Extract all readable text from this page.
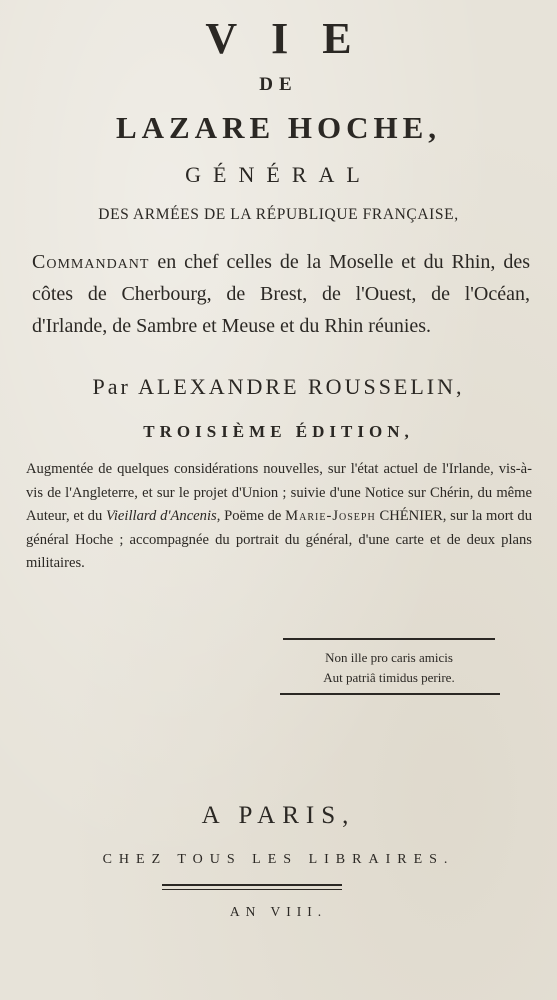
VIE
DE
LAZARE HOCHE,
GÉNÉRAL
DES ARMÉES DE LA RÉPUBLIQUE FRANÇAISE,
Commandant en chef celles de la Moselle et du Rhin, des côtes de Cherbourg, de Brest, de l'Ouest, de l'Océan, d'Irlande, de Sambre et Meuse et du Rhin réunies.
Par ALEXANDRE ROUSSELIN,
TROISIÈME ÉDITION,
Augmentée de quelques considérations nouvelles, sur l'état actuel de l'Irlande, vis-à-vis de l'Angleterre, et sur le projet d'Union ; suivie d'une Notice sur Chérin, du même Auteur, et du Vieillard d'Ancenis, Poëme de Marie-Joseph CHÉNIER, sur la mort du général Hoche ; accompagnée du portrait du général, d'une carte et de deux plans militaires.
Non ille pro caris amicis
Aut patriâ timidus perire.
A PARIS,
CHEZ TOUS LES LIBRAIRES.
AN VIII.
